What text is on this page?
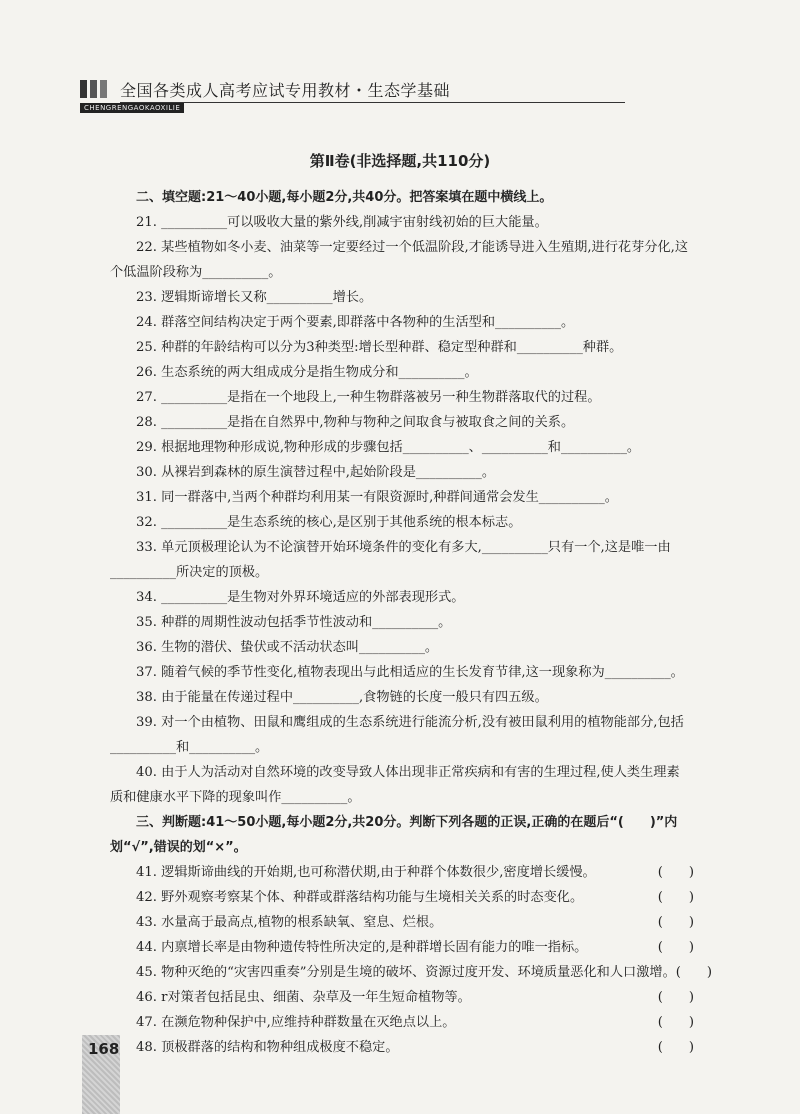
全国各类成人高考应试专用教材・生态学基础
CHENGRENGAOKAOXILIE
第Ⅱ卷(非选择题,共110分)
二、填空题:21～40小题,每小题2分,共40分。把答案填在题中横线上。
21. __________可以吸收大量的紫外线,削减宇宙射线初始的巨大能量。
22. 某些植物如冬小麦、油菜等一定要经过一个低温阶段,才能诱导进入生殖期,进行花芽分化,这
个低温阶段称为__________。
23. 逻辑斯谛增长又称__________增长。
24. 群落空间结构决定于两个要素,即群落中各物种的生活型和__________。
25. 种群的年龄结构可以分为3种类型:增长型种群、稳定型种群和__________种群。
26. 生态系统的两大组成成分是指生物成分和__________。
27. __________是指在一个地段上,一种生物群落被另一种生物群落取代的过程。
28. __________是指在自然界中,物种与物种之间取食与被取食之间的关系。
29. 根据地理物种形成说,物种形成的步骤包括__________、__________和__________。
30. 从裸岩到森林的原生演替过程中,起始阶段是__________。
31. 同一群落中,当两个种群均利用某一有限资源时,种群间通常会发生__________。
32. __________是生态系统的核心,是区别于其他系统的根本标志。
33. 单元顶极理论认为不论演替开始环境条件的变化有多大,__________只有一个,这是唯一由
__________所决定的顶极。
34. __________是生物对外界环境适应的外部表现形式。
35. 种群的周期性波动包括季节性波动和__________。
36. 生物的潜伏、蛰伏或不活动状态叫__________。
37. 随着气候的季节性变化,植物表现出与此相适应的生长发育节律,这一现象称为__________。
38. 由于能量在传递过程中__________,食物链的长度一般只有四五级。
39. 对一个由植物、田鼠和鹰组成的生态系统进行能流分析,没有被田鼠利用的植物能部分,包括
__________和__________。
40. 由于人为活动对自然环境的改变导致人体出现非正常疾病和有害的生理过程,使人类生理素
质和健康水平下降的现象叫作__________。
三、判断题:41～50小题,每小题2分,共20分。判断下列各题的正误,正确的在题后“(　　)”内
划“√”,错误的划“×”。
41. 逻辑斯谛曲线的开始期,也可称潜伏期,由于种群个体数很少,密度增长缓慢。	()
42. 野外观察考察某个体、种群或群落结构功能与生境相关关系的时态变化。	()
43. 水量高于最高点,植物的根系缺氧、窒息、烂根。	()
44. 内禀增长率是由物种遗传特性所决定的,是种群增长固有能力的唯一指标。	()
45. 物种灭绝的“灾害四重奏”分别是生境的破坏、资源过度开发、环境质量恶化和人口激增。 ()
46. r对策者包括昆虫、细菌、杂草及一年生短命植物等。	()
47. 在濒危物种保护中,应维持种群数量在灭绝点以上。	()
48. 顶极群落的结构和物种组成极度不稳定。	()
168
